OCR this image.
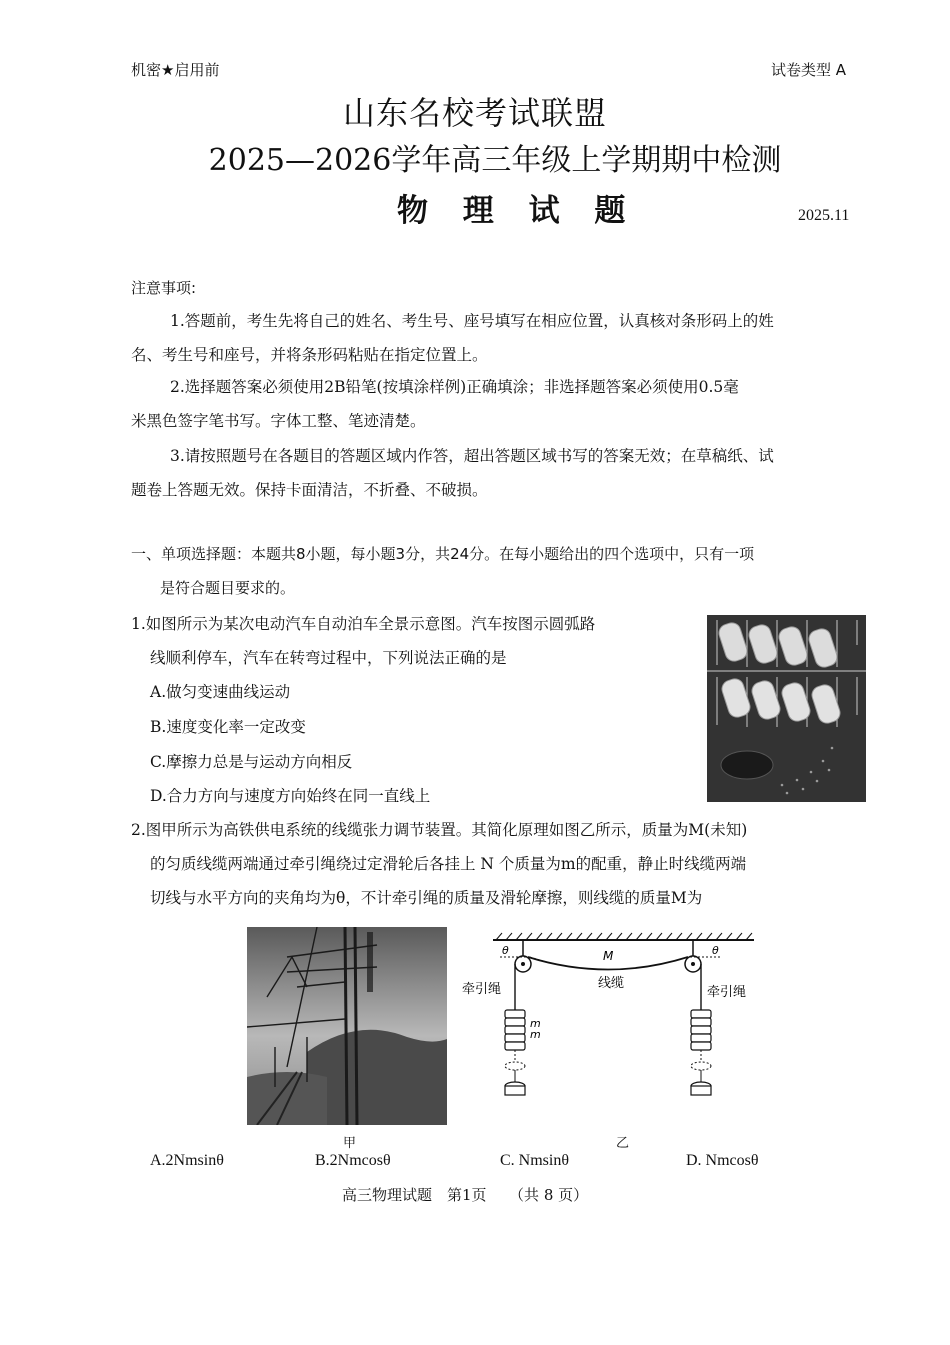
机密★启用前	试卷类型 A
山东名校考试联盟
2025—2026学年高三年级上学期期中检测
物 理 试 题	2025.11
注意事项:
1.答题前，考生先将自己的姓名、考生号、座号填写在相应位置，认真核对条形码上的姓
名、考生号和座号，并将条形码粘贴在指定位置上。
2.选择题答案必须使用2B铅笔(按填涂样例)正确填涂；非选择题答案必须使用0.5毫
米黑色签字笔书写。字体工整、笔迹清楚。
3.请按照题号在各题目的答题区域内作答，超出答题区域书写的答案无效；在草稿纸、试
题卷上答题无效。保持卡面清洁，不折叠、不破损。
一、单项选择题：本题共8小题，每小题3分，共24分。在每小题给出的四个选项中，只有一项
是符合题目要求的。
1.如图所示为某次电动汽车自动泊车全景示意图。汽车按图示圆弧路
线顺利停车，汽车在转弯过程中，下列说法正确的是
A.做匀变速曲线运动
B.速度变化率一定改变
C.摩擦力总是与运动方向相反
D.合力方向与速度方向始终在同一直线上
2.图甲所示为高铁供电系统的线缆张力调节装置。其简化原理如图乙所示，质量为M(未知)
的匀质线缆两端通过牵引绳绕过定滑轮后各挂上 N 个质量为m的配重，静止时线缆两端
切线与水平方向的夹角均为θ，不计牵引绳的质量及滑轮摩擦，则线缆的质量M为
甲
θ	θ
M
线缆
牵引绳	牵引绳
m
m
乙
A.2Nmsinθ	B.2Nmcosθ	C. Nmsinθ	D. Nmcosθ
高三物理试题　第1页　　（共 8 页）
